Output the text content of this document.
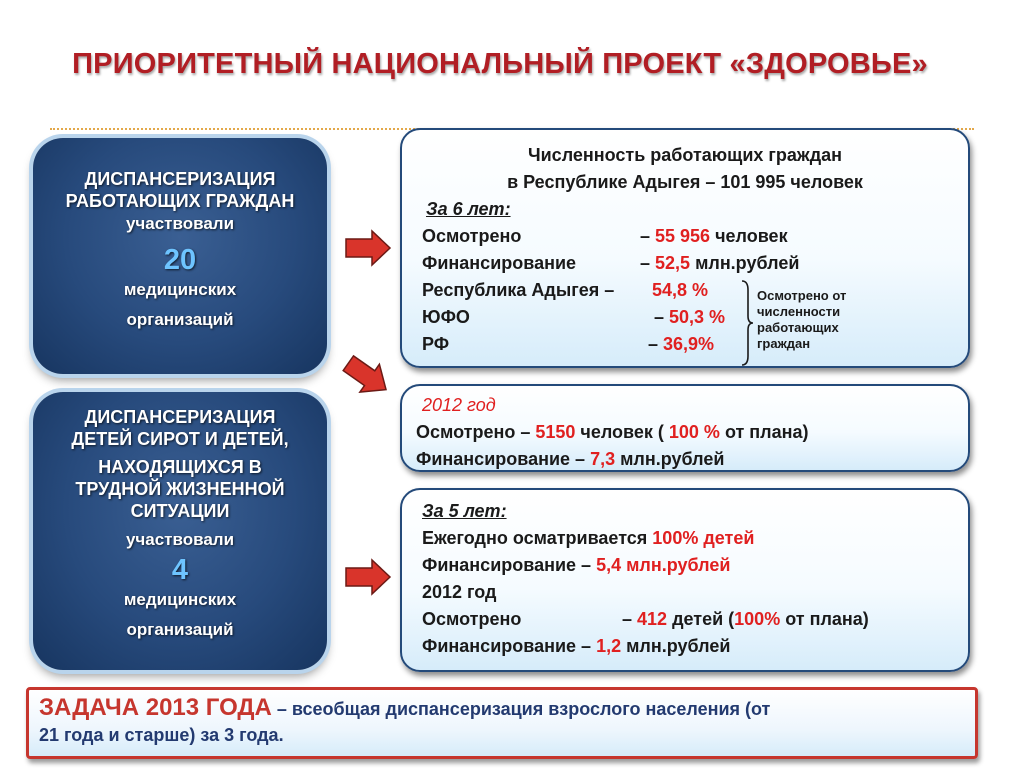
ПРИОРИТЕТНЫЙ НАЦИОНАЛЬНЫЙ ПРОЕКТ «ЗДОРОВЬЕ»
ДИСПАНСЕРИЗАЦИЯ
РАБОТАЮЩИХ ГРАЖДАН
участвовали
20
медицинских
организаций
ДИСПАНСЕРИЗАЦИЯ
ДЕТЕЙ СИРОТ И ДЕТЕЙ,
НАХОДЯЩИХСЯ В
ТРУДНОЙ ЖИЗНЕННОЙ
СИТУАЦИИ
участвовали
4
медицинских
организаций
Численность работающих граждан
в Республике Адыгея – 101 995 человек
За 6 лет:
Осмотрено	– 55 956 человек
Финансирование	– 52,5 млн.рублей
Республика Адыгея – 54,8 %
ЮФО	– 50,3 %
РФ	– 36,9%
Осмотрено от
численности
работающих
граждан
2012 год
Осмотрено – 5150 человек ( 100 % от плана)
Финансирование – 7,3 млн.рублей
За 5 лет:
Ежегодно осматривается 100% детей
Финансирование – 5,4 млн.рублей
2012 год
Осмотрено	– 412 детей (100% от плана)
Финансирование – 1,2 млн.рублей
ЗАДАЧА 2013 ГОДА – всеобщая диспансеризация взрослого населения (от
21 года и старше) за 3 года.
